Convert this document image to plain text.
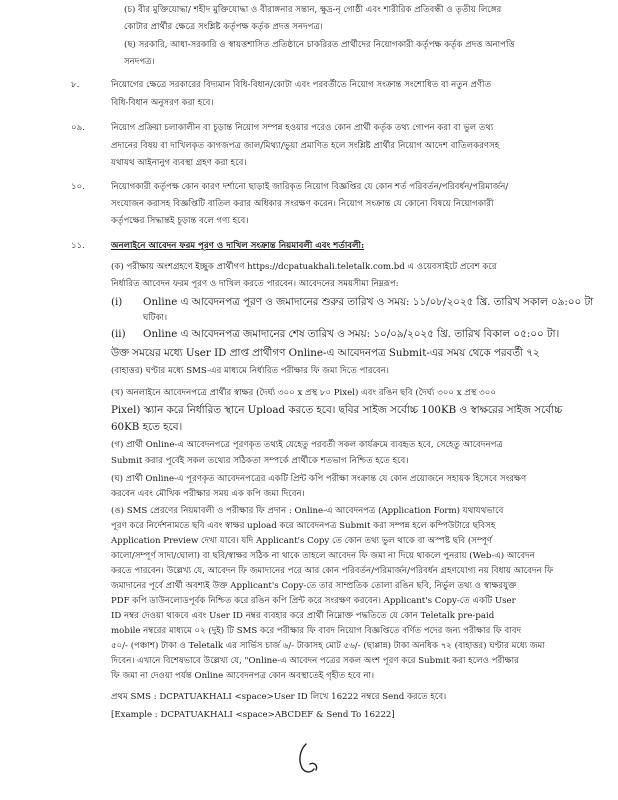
(চ) বীর মুক্তিযোদ্ধা/ শহীদ মুক্তিযোদ্ধা ও বীরাঙ্গনার সন্তান, ক্ষুদ্র-নৃ গোষ্ঠী এবং শারীরিক প্রতিবন্ধী ও তৃতীয় লিঙ্গের

কোটার প্রার্থীর ক্ষেত্রে সংশ্লিষ্ট কর্তৃপক্ষ কর্তৃক প্রদত্ত সনদপত্র।

(ছ) সরকারি, আধা-সরকারি ও স্বায়ত্তশাসিত প্রতিষ্ঠানে চাকরিরত প্রার্থীদের নিয়োগকারী কর্তৃপক্ষ কর্তৃক প্রদত্ত অনাপত্তি

সনদপত্র।

৮.	নিয়োগের ক্ষেত্রে সরকারের বিদ্যমান বিধি-বিধান/কোটা এবং পরবর্তীতে নিয়োগ সংক্রান্ত সংশোধিত বা নতুন প্রণীত

বিধি-বিধান অনুসরণ করা হবে।

০৯.	নিয়োগ প্রক্রিয়া চলাকালীন বা চূড়ান্ত নিয়োগ সম্পন্ন হওয়ার পরেও কোন প্রার্থী কর্তৃক তথ্য গোপন করা বা ভুল তথ্য

প্রদানের বিষয় বা দাখিলকৃত কাগজপত্র জাল/মিথ্যা/ভুয়া প্রমাণিত হলে সংশ্লিষ্ট প্রার্থীর নিয়োগ আদেশ বাতিলকরণসহ

যথাযথ আইনানুগ ব্যবস্থা গ্রহণ করা হবে।

১০.	নিয়োগকারী কর্তৃপক্ষ কোন কারণ দর্শানো ছাড়াই জারিকৃত নিয়োগ বিজ্ঞপ্তির যে কোন শর্ত পরিবর্তন/পরিবর্ধন/পরিমার্জন/

সংযোজন করাসহ বিজ্ঞপ্তিটি বাতিল করার অধিকার সংরক্ষণ করেন। নিয়োগ সংক্রান্ত যে কোনো বিষয়ে নিয়োগকারী

কর্তৃপক্ষের সিদ্ধান্তই চূড়ান্ত বলে গণ্য হবে।

১১.	অনলাইনে আবেদন ফরম পূরণ ও দাখিল সংক্রান্ত নিয়মাবলী এবং শর্তাবলী:

(ক) পরীক্ষায় অংশগ্রহণে ইচ্ছুক প্রার্থীগণ https://dcpatuakhali.teletalk.com.bd এ ওয়েবসাইটে প্রবেশ করে

নির্ধারিত আবেদন ফরম পূরণ ও দাখিল করতে পারবেন। আবেদনের সময়সীমা নিম্নরূপ:

(i) Online এ আবেদনপত্র পূরণ ও জমাদানের শুরুর তারিখ ও সময়: ১১/০৮/২০২৫ খ্রি. তারিখ সকাল ০৯:০০ টা

ঘটিকা।

(ii) Online এ আবেদনপত্র জমাদানের শেষ তারিখ ও সময়: ১০/০৯/২০২৫ খ্রি. তারিখ বিকাল ০৫:০০ টা।

উক্ত সময়ের মধ্যে User ID প্রাপ্ত প্রার্থীগণ Online-এ আবেদনপত্র Submit-এর সময় থেকে পরবর্তী ৭২

(বাহাত্তর) ঘণ্টার মধ্যে SMS-এর মাধ্যমে নির্ধারিত পরীক্ষার ফি জমা দিতে পারবেন।

(খ) অনলাইনে আবেদনপত্রে প্রার্থীর স্বাক্ষর (দৈর্ঘ্য ৩০০ x প্রস্থ ৮০ Pixel) এবং রঙিন ছবি (দৈর্ঘ্য ৩০০ x প্রস্থ ৩০০

Pixel) স্ক্যান করে নির্ধারিত স্থানে Upload করতে হবে। ছবির সাইজ সর্বোচ্চ 100KB ও স্বাক্ষরের সাইজ সর্বোচ্চ

60KB হতে হবে।

(গ) প্রার্থী Online-এ আবেদনপত্রে পূরণকৃত তথ্যই যেহেতু পরবর্তী সকল কার্যক্রমে ব্যবহৃত হবে, সেহেতু আবেদনপত্র

Submit করার পূর্বেই সকল তথ্যের সঠিকতা সম্পর্কে প্রার্থীকে শতভাগ নিশ্চিত হতে হবে।

(ঘ) প্রার্থী Online-এ পূরণকৃত আবেদনপত্রের একটি প্রিন্ট কপি পরীক্ষা সংক্রান্ত যে কোন প্রয়োজনে সহায়ক হিসেবে সংরক্ষণ

করবেন এবং মৌখিক পরীক্ষার সময় এক কপি জমা দিবেন।

(ঙ) SMS প্রেরণের নিয়মাবলী ও পরীক্ষার ফি প্রদান : Online-এ আবেদনপত্র (Application Form) যথাযথভাবে

পূরণ করে নির্দেশনামতে ছবি এবং স্বাক্ষর upload করে আবেদনপত্র Submit করা সম্পন্ন হলে কম্পিউটারে ছবিসহ

Application Preview দেখা যাবে। যদি Applicant's Copy তে কোন তথ্য ভুল থাকে বা অস্পষ্ট ছবি (সম্পূর্ণ

কালো/সম্পূর্ণ সাদা/ঘোলা) বা ছবি/স্বাক্ষর সঠিক না থাকে তাহলে আবেদন ফি জমা না দিয়ে থাকলে পুনরায় (Web-এ) আবেদন

করতে পারবেন। উল্লেখ্য যে, আবেদন ফি জমাদানের পরে আর কোন পরিবর্তন/পরিমার্জন/পরিবর্ধন গ্রহণযোগ্য নয় বিধায় আবেদন ফি

জমাদানের পূর্বে প্রার্থী অবশ্যই উক্ত Applicant's Copy-তে তার সাম্প্রতিক তোলা রঙিন ছবি, নির্ভুল তথ্য ও স্বাক্ষরযুক্ত

PDF কপি ডাউনলোডপূর্বক নিশ্চিত করে রঙিন কপি প্রিন্ট করে সংরক্ষণ করবেন। Applicant's Copy-তে একটি User

ID নম্বর দেওয়া থাকবে এবং User ID নম্বর ব্যবহার করে প্রার্থী নিম্নোক্ত পদ্ধতিতে যে কোন Teletalk pre-paid

mobile নম্বরের মাধ্যমে ০২ (দুই) টি SMS করে পরীক্ষার ফি বাবদ নিয়োগ বিজ্ঞপ্তিতে বর্ণিত পদের জন্য পরীক্ষার ফি বাবদ

৫০/- (পঞ্চাশ) টাকা ও Teletalk এর সার্ভিস চার্জ ৬/- টাকাসহ মোট ৫৬/- (ছাপ্পান্ন) টাকা অনধিক ৭২ (বাহাত্তর) ঘণ্টার মধ্যে জমা

দিবেন। এখানে বিশেষভাবে উল্লেখ্য যে, "Online-এ আবেদন পত্রের সকল অংশ পূরণ করে Submit করা হলেও পরীক্ষার

ফি জমা না দেওয়া পর্যন্ত Online আবেদনপত্র কোন অবস্থাতেই গৃহীত হবে না।

প্রথম SMS : DCPATUAKHALI <space>User ID লিখে 16222 নম্বরে Send করতে হবে।

[Example : DCPATUAKHALI <space>ABCDEF & Send To 16222]
